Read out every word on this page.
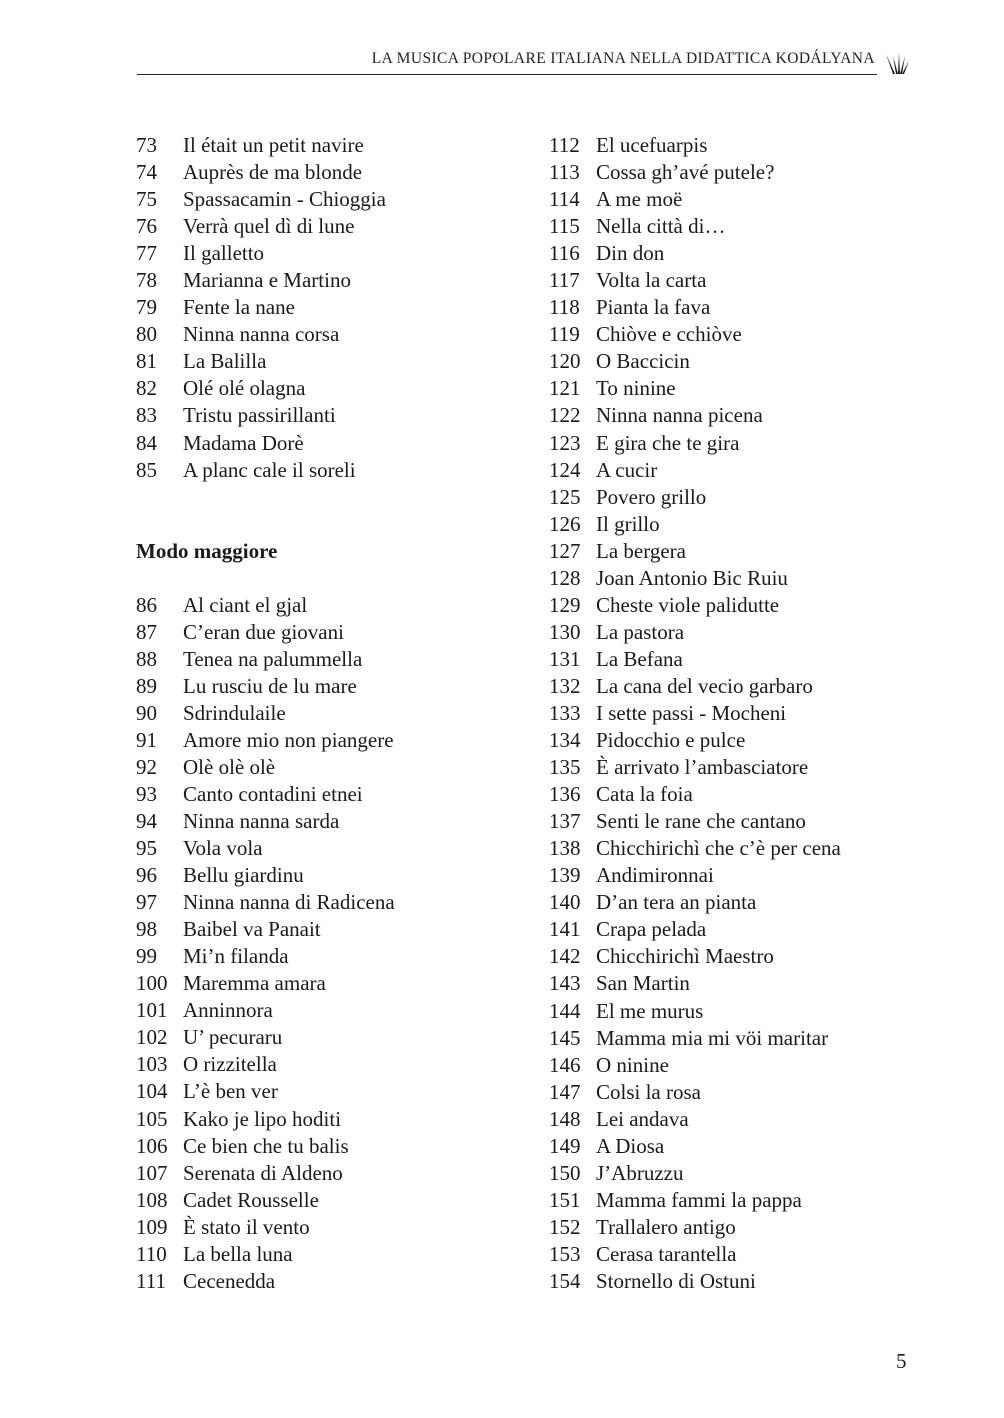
LA MUSICA POPOLARE ITALIANA NELLA DIDATTICA KODÁLYANA
73	Il était un petit navire
74	Auprès de ma blonde
75	Spassacamin - Chioggia
76	Verrà quel dì di lune
77	Il galletto
78	Marianna e Martino
79	Fente la nane
80	Ninna nanna corsa
81	La Balilla
82	Olé olé olagna
83	Tristu passirillanti
84	Madama Dorè
85	A planc cale il soreli
Modo maggiore
86	Al ciant el gjal
87	C’eran due giovani
88	Tenea na palummella
89	Lu rusciu de lu mare
90	Sdrindulaile
91	Amore mio non piangere
92	Olè olè olè
93	Canto contadini etnei
94	Ninna nanna sarda
95	Vola vola
96	Bellu giardinu
97	Ninna nanna di Radicena
98	Baibel va Panait
99	Mi’n filanda
100 Maremma amara
101 Anninnora
102 U’ pecuraru
103 O rizzitella
104 L’è ben ver
105 Kako je lipo hoditi
106 Ce bien che tu balis
107 Serenata di Aldeno
108 Cadet Rousselle
109 È stato il vento
110 La bella luna
111 Cecenedda
112 El ucefuarpis
113 Cossa gh’avé putele?
114 A me moë
115 Nella città di…
116 Din don
117 Volta la carta
118 Pianta la fava
119 Chiòve e cchiòve
120 O Baccicin
121 To ninine
122 Ninna nanna picena
123 E gira che te gira
124 A cucir
125 Povero grillo
126 Il grillo
127 La bergera
128 Joan Antonio Bic Ruiu
129 Cheste viole palidutte
130 La pastora
131 La Befana
132 La cana del vecio garbaro
133 I sette passi - Mocheni
134 Pidocchio e pulce
135 È arrivato l’ambasciatore
136 Cata la foia
137 Senti le rane che cantano
138 Chicchirichì che c’è per cena
139 Andimironnai
140 D’an tera an pianta
141 Crapa pelada
142 Chicchirichì Maestro
143 San Martin
144 El me murus
145 Mamma mia mi vöi maritar
146 O ninine
147 Colsi la rosa
148 Lei andava
149 A Diosa
150 J’Abruzzu
151 Mamma fammi la pappa
152 Trallalero antigo
153 Cerasa tarantella
154 Stornello di Ostuni
5
